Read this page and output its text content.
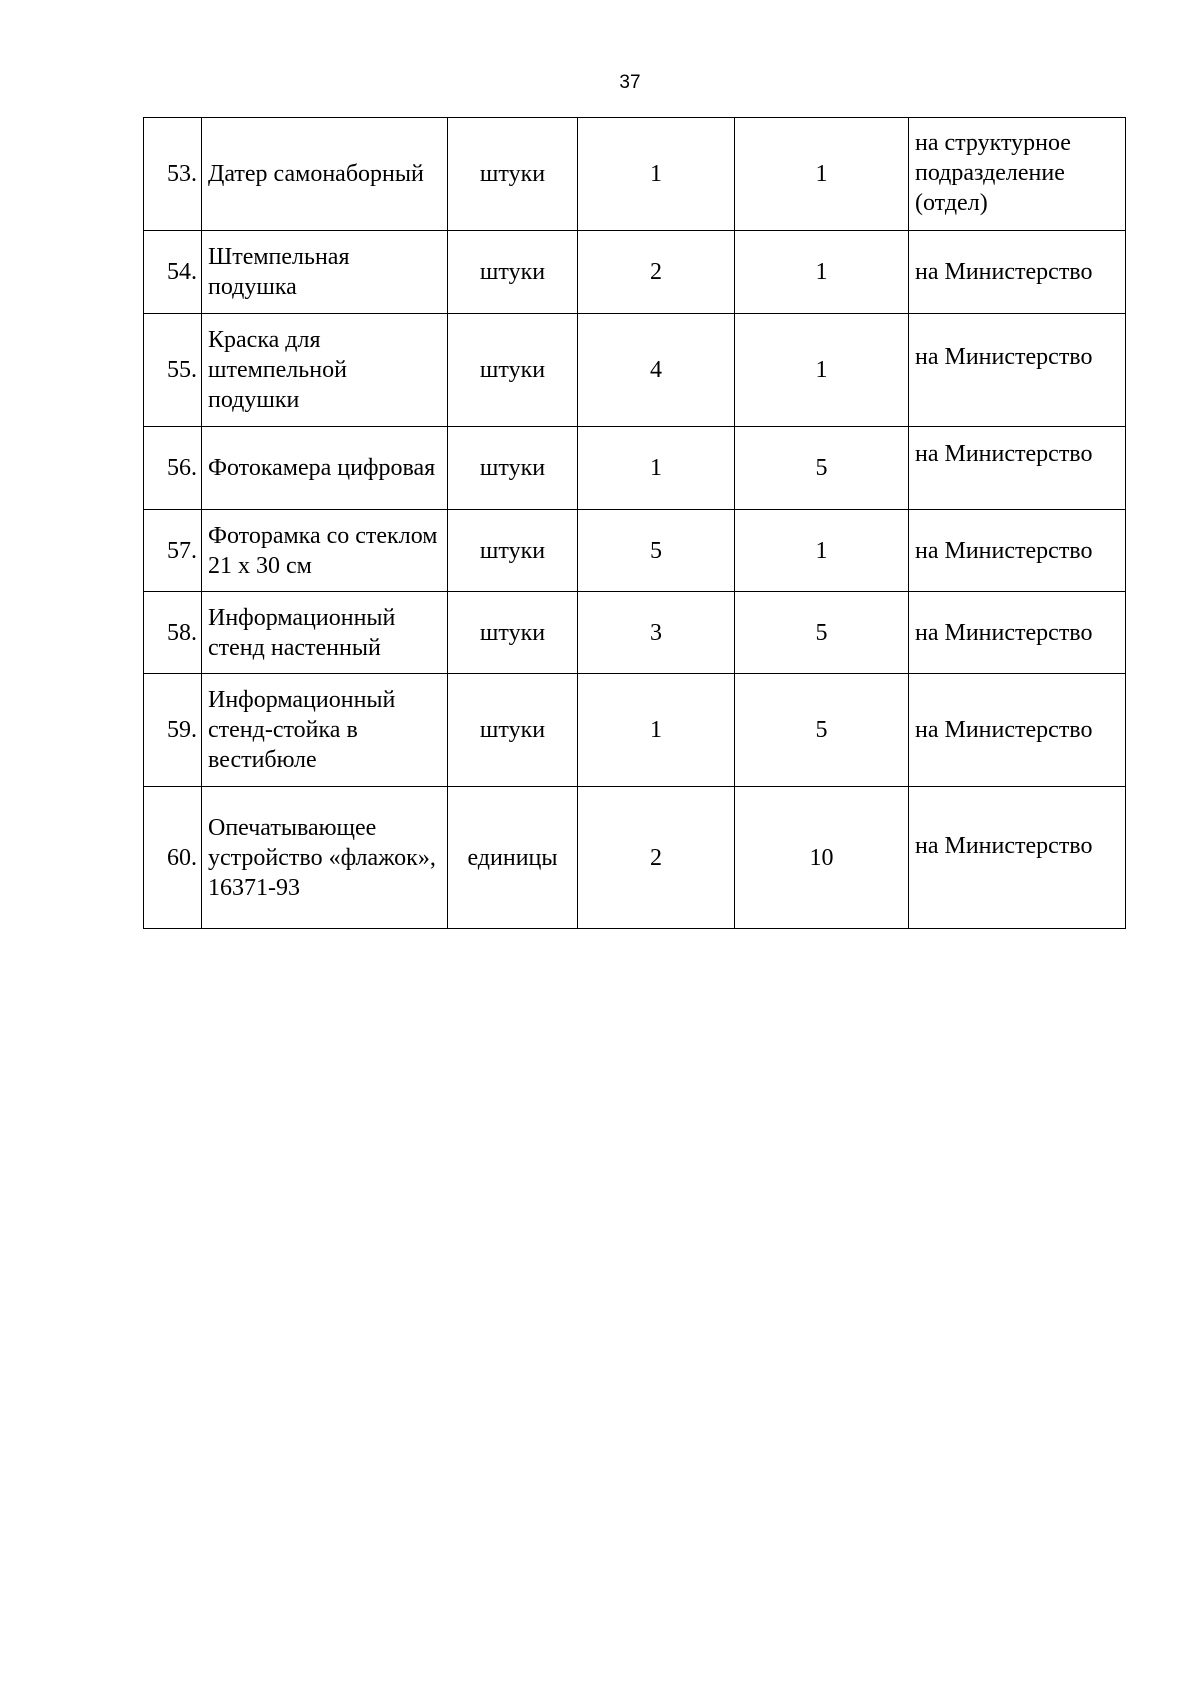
37
53.	Датер самонаборный	штуки	1	1	на структурное подразделение (отдел)
54.	Штемпельная подушка	штуки	2	1	на Министерство
55.	Краска для штемпельной подушки	штуки	4	1	на Министерство
56.	Фотокамера цифровая	штуки	1	5	на Министерство
57.	Фоторамка со стеклом 21 х 30 см	штуки	5	1	на Министерство
58.	Информационный стенд настенный	штуки	3	5	на Министерство
59.	Информационный стенд-стойка в вестибюле	штуки	1	5	на Министерство
60.	Опечатывающее устройство «флажок», 16371-93	единицы	2	10	на Министерство
